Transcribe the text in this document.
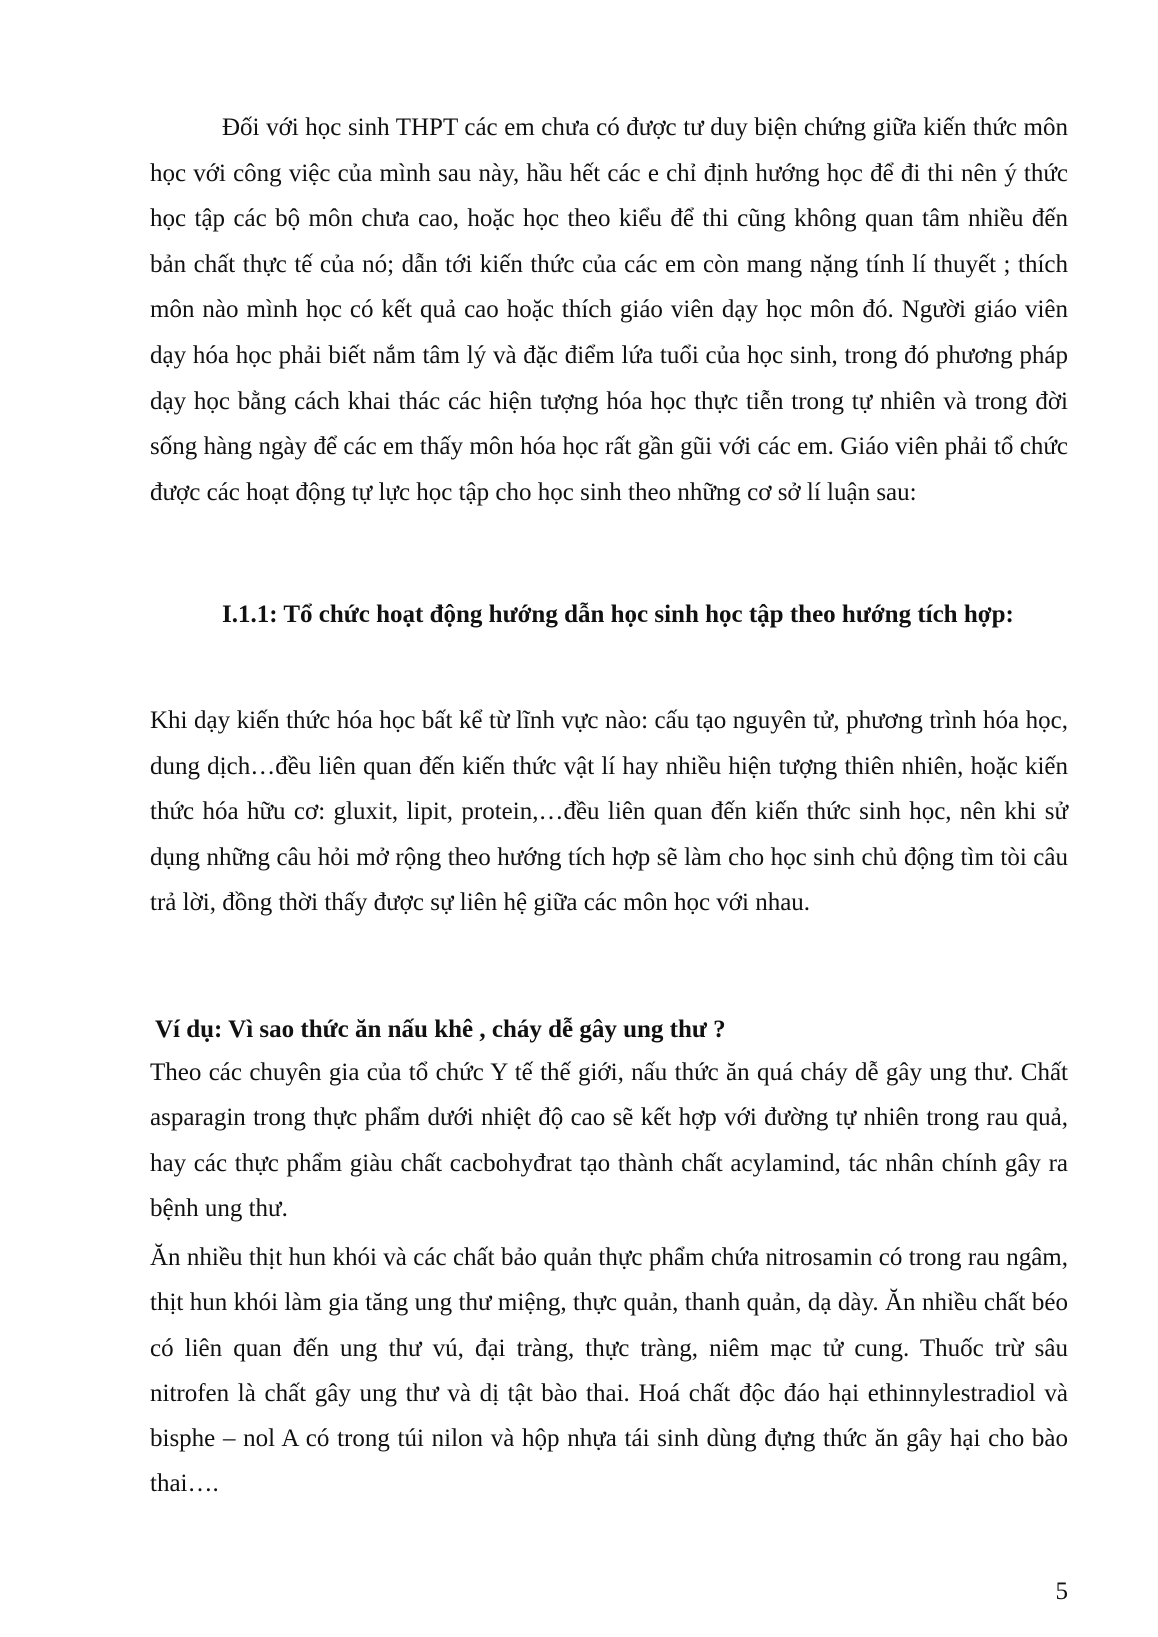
Đối với học sinh THPT các em chưa có được tư duy biện chứng giữa kiến thức môn học với công việc của mình sau này, hầu hết các e chỉ định hướng học để đi thi nên ý thức học tập các bộ môn chưa cao, hoặc học theo kiểu để thi cũng không quan tâm nhiều đến bản chất thực tế của nó; dẫn tới kiến thức của các em còn mang nặng tính lí thuyết ; thích môn nào mình học có kết quả cao hoặc thích giáo viên dạy học môn đó. Người giáo viên dạy hóa học phải biết nắm tâm lý và đặc điểm lứa tuổi của học sinh, trong đó phương pháp dạy học bằng cách khai thác các hiện tượng hóa học thực tiễn trong tự nhiên và trong đời sống hàng ngày để các em thấy môn hóa học rất gần gũi với các em. Giáo viên phải tổ chức được các hoạt động tự lực học tập cho học sinh theo những cơ sở lí luận sau:

I.1.1: Tổ chức hoạt động hướng dẫn học sinh học tập theo hướng tích hợp:

Khi dạy kiến thức hóa học bất kể từ lĩnh vực nào: cấu tạo nguyên tử, phương trình hóa học, dung dịch…đều liên quan đến kiến thức vật lí hay nhiều hiện tượng thiên nhiên, hoặc kiến thức hóa hữu cơ: gluxit, lipit, protein,…đều liên quan đến kiến thức sinh học, nên khi sử dụng những câu hỏi mở rộng theo hướng tích hợp sẽ làm cho học sinh chủ động tìm tòi câu trả lời, đồng thời thấy được sự liên hệ giữa các môn học với nhau.

Ví dụ: Vì sao thức ăn nấu khê , cháy dễ gây ung thư ?

Theo các chuyên gia của tổ chức Y tế thế giới, nấu thức ăn quá cháy dễ gây ung thư. Chất asparagin trong thực phẩm dưới nhiệt độ cao sẽ kết hợp với đường tự nhiên trong rau quả, hay các thực phẩm giàu chất cacbohyđrat tạo thành chất acylamind, tác nhân chính gây ra bệnh ung thư.

Ăn nhiều thịt hun khói và các chất bảo quản thực phẩm chứa nitrosamin có trong rau ngâm, thịt hun khói làm gia tăng ung thư miệng, thực quản, thanh quản, dạ dày. Ăn nhiều chất béo có liên quan đến ung thư vú, đại tràng, thực tràng, niêm mạc tử cung. Thuốc trừ sâu nitrofen là chất gây ung thư và dị tật bào thai. Hoá chất độc đáo hại ethinnylestradiol và bisphe – nol A có trong túi nilon và hộp nhựa tái sinh dùng đựng thức ăn gây hại cho bào thai….

5
